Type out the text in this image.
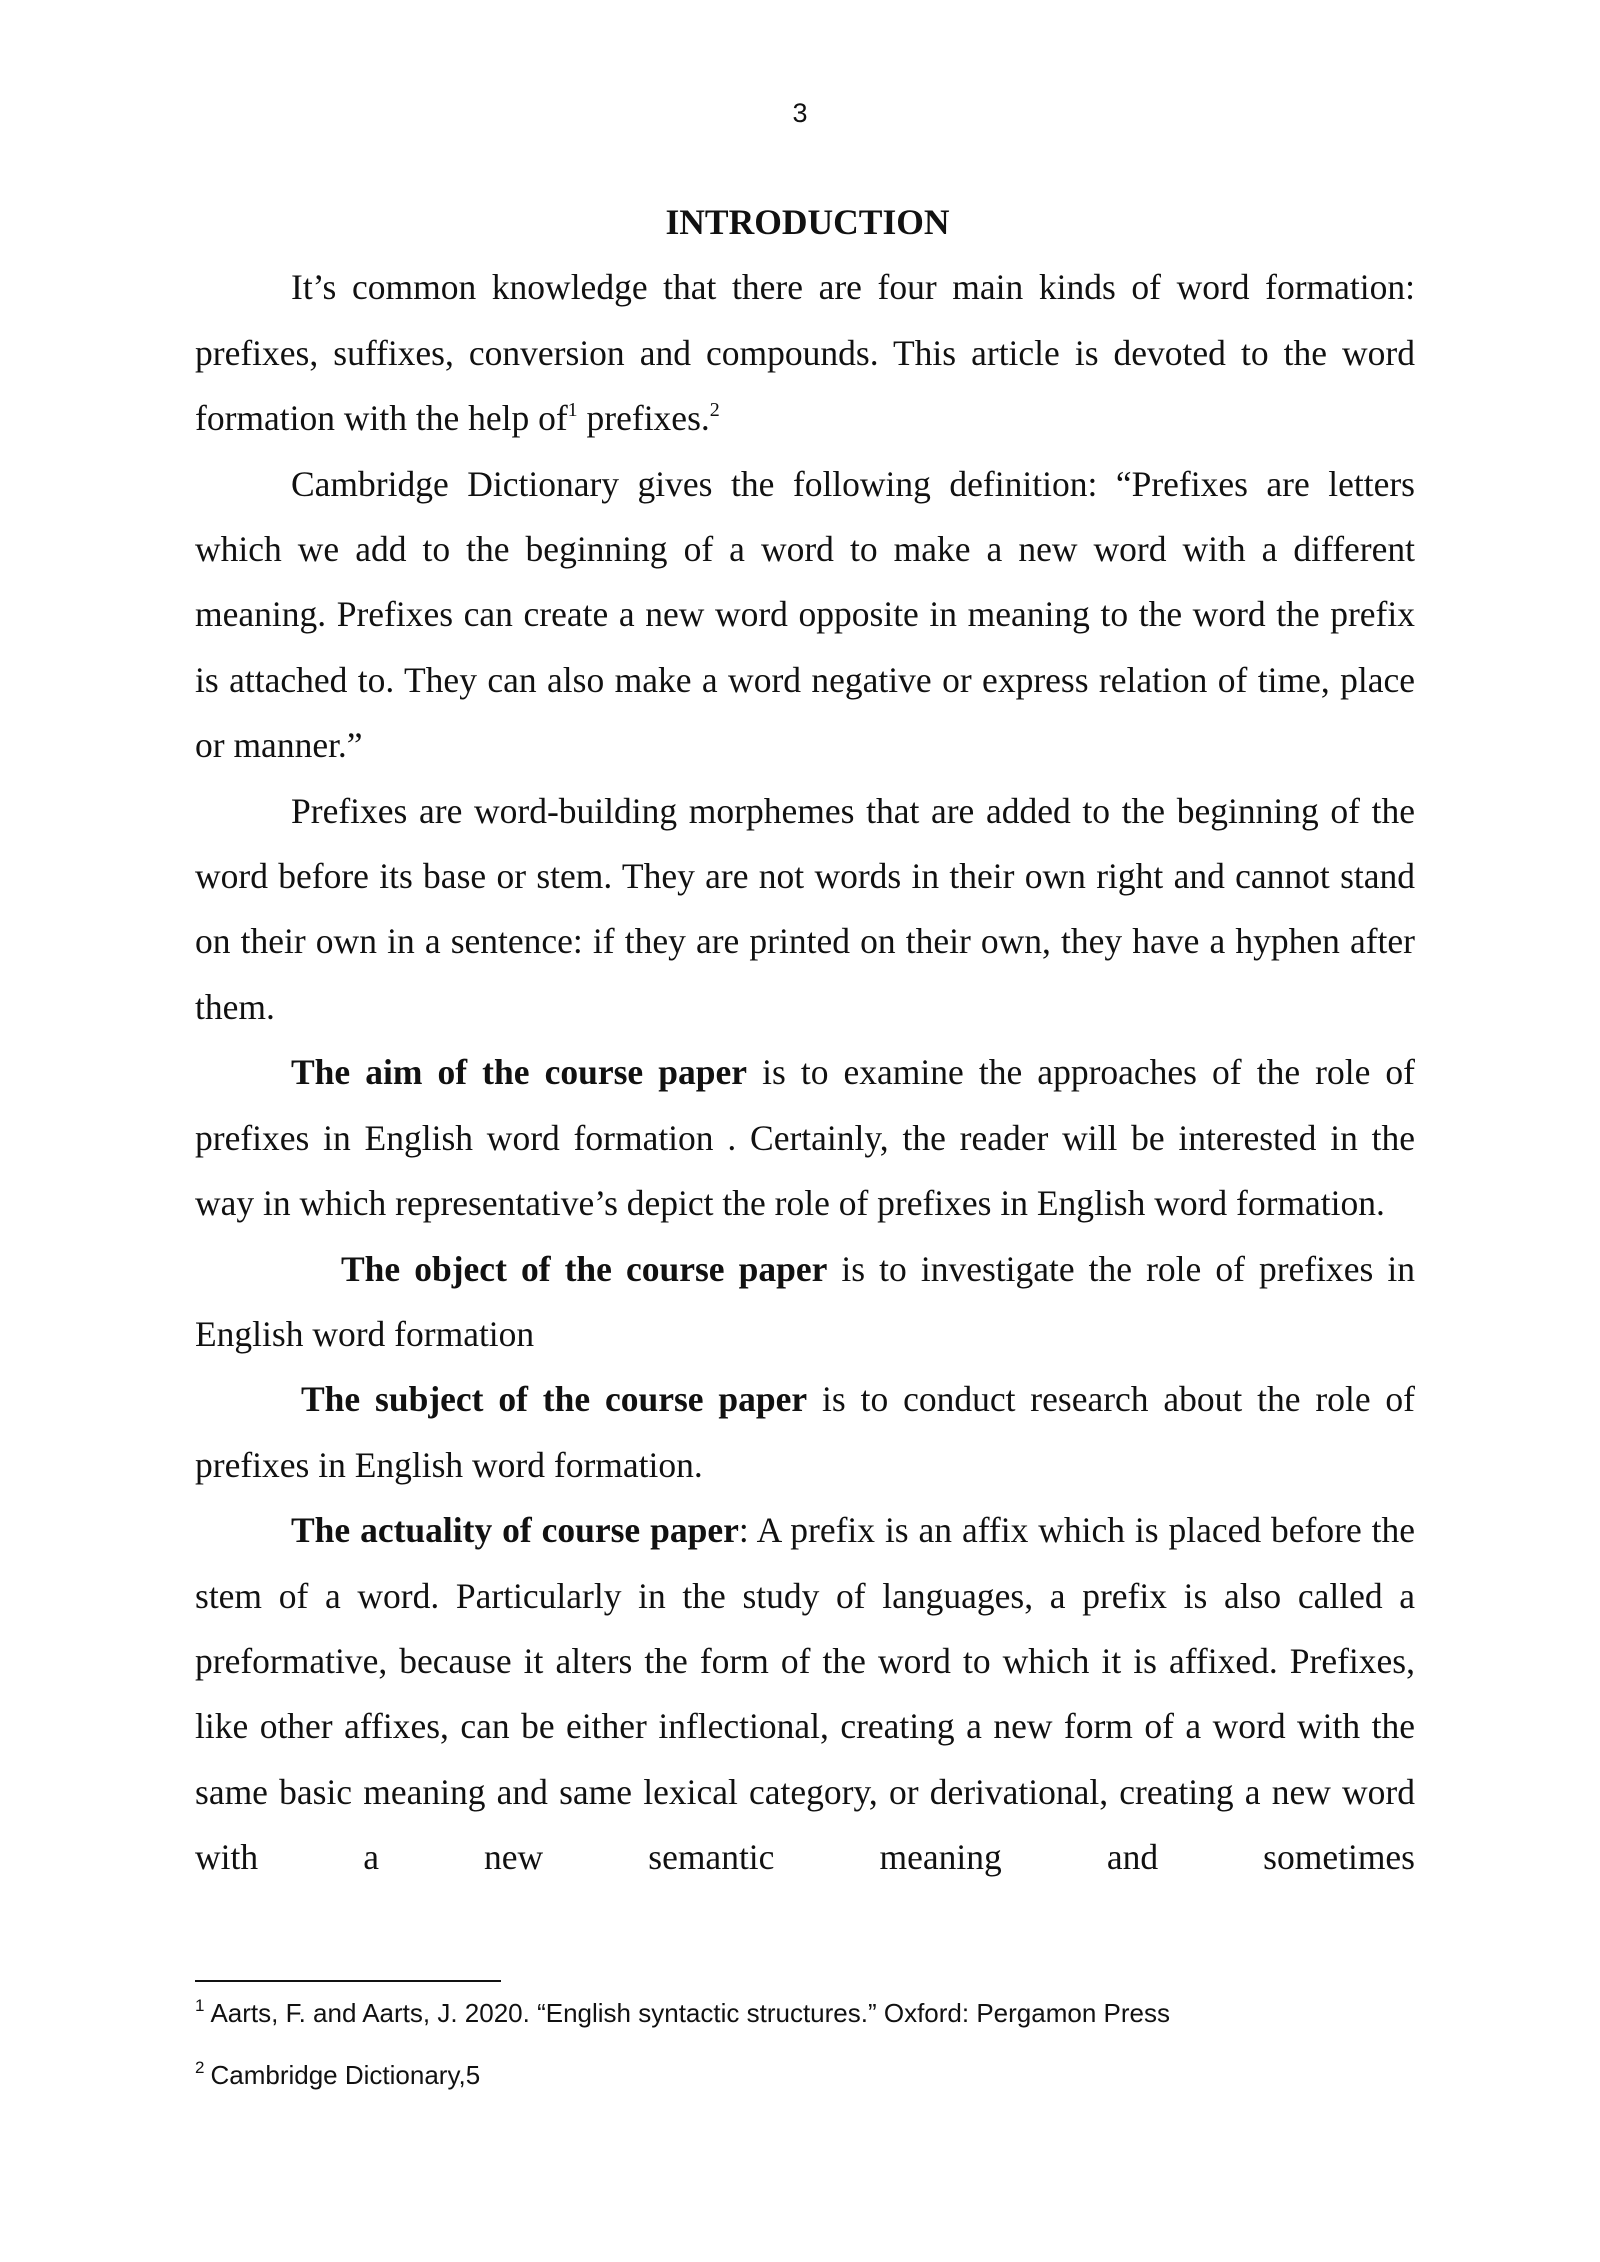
3
INTRODUCTION

It’s common knowledge that there are four main kinds of word formation: prefixes, suffixes, conversion and compounds. This article is devoted to the word formation with the help $of^1$ prefixes.$^2$

Cambridge Dictionary gives the following definition: “Prefixes are letters which we add to the beginning of a word to make a new word with a different meaning. Prefixes can create a new word opposite in meaning to the word the prefix is attached to. They can also make a word negative or express relation of time, place or manner.”

Prefixes are word-building morphemes that are added to the beginning of the word before its base or stem. They are not words in their own right and cannot stand on their own in a sentence: if they are printed on their own, they have a hyphen after them.

The aim of the course paper is to examine the approaches of the role of prefixes in English word formation . Certainly, the reader will be interested in the way in which representative’s depict the role of prefixes in English word formation.

The object of the course paper is to investigate the role of prefixes in English word formation

The subject of the course paper is to conduct research about the role of prefixes in English word formation.

The actuality of course paper: A prefix is an affix which is placed before the stem of a word. Particularly in the study of languages, a prefix is also called a preformative, because it alters the form of the word to which it is affixed. Prefixes, like other affixes, can be either inflectional, creating a new form of a word with the same basic meaning and same lexical category, or derivational, creating a new word with a new semantic meaning and sometimes

$^1$ Aarts, F. and Aarts, J. 2020. “English syntactic structures.” Oxford: Pergamon Press
$^2$ Cambridge Dictionary,5
